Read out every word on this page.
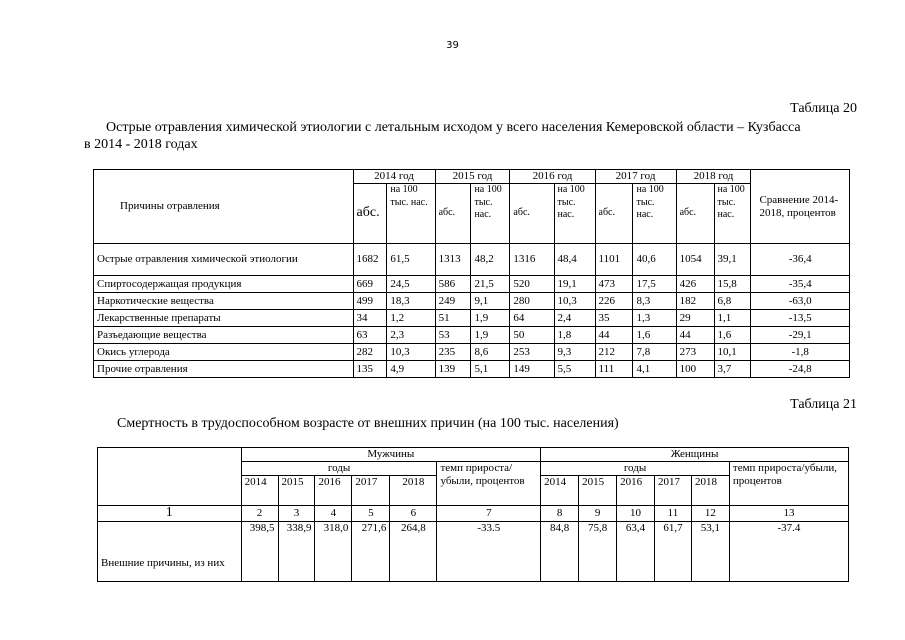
39
Таблица 20
Острые отравления химической этиологии с летальным исходом у всего населения Кемеровской области – Кузбасса
в 2014 - 2018 годах
Причины отравления	2014 год		2015 год		2016 год		2017 год		2018 год		Сравнение 2014-2018, процентов
	абс.	на 100 тыс. нас.	абс.	на 100 тыс. нас.	абс.	на 100 тыс. нас.	абс.	на 100 тыс. нас.	абс.	на 100 тыс. нас.	
Острые отравления химической этиологии	1682	61,5	1313	48,2	1316	48,4	1101	40,6	1054	39,1	-36,4
Спиртосодержащая продукция	669	24,5	586	21,5	520	19,1	473	17,5	426	15,8	-35,4
Наркотические вещества	499	18,3	249	9,1	280	10,3	226	8,3	182	6,8	-63,0
Лекарственные препараты	34	1,2	51	1,9	64	2,4	35	1,3	29	1,1	-13,5
Разъедающие вещества	63	2,3	53	1,9	50	1,8	44	1,6	44	1,6	-29,1
Окись углерода	282	10,3	235	8,6	253	9,3	212	7,8	273	10,1	-1,8
Прочие отравления	135	4,9	139	5,1	149	5,5	111	4,1	100	3,7	-24,8
Таблица 21
Смертность в трудоспособном возрасте от внешних причин (на 100 тыс. населения)
	Мужчины						Женщины					
	годы					темп прироста/ убыли, процентов	годы					темп прироста/убыли, процентов
	2014	2015	2016	2017	2018		2014	2015	2016	2017	2018	
1	2	3	4	5	6	7	8	9	10	11	12	13
Внешние причины, из них	398,5	338,9	318,0	271,6	264,8	-33.5	84,8	75,8	63,4	61,7	53,1	-37.4
